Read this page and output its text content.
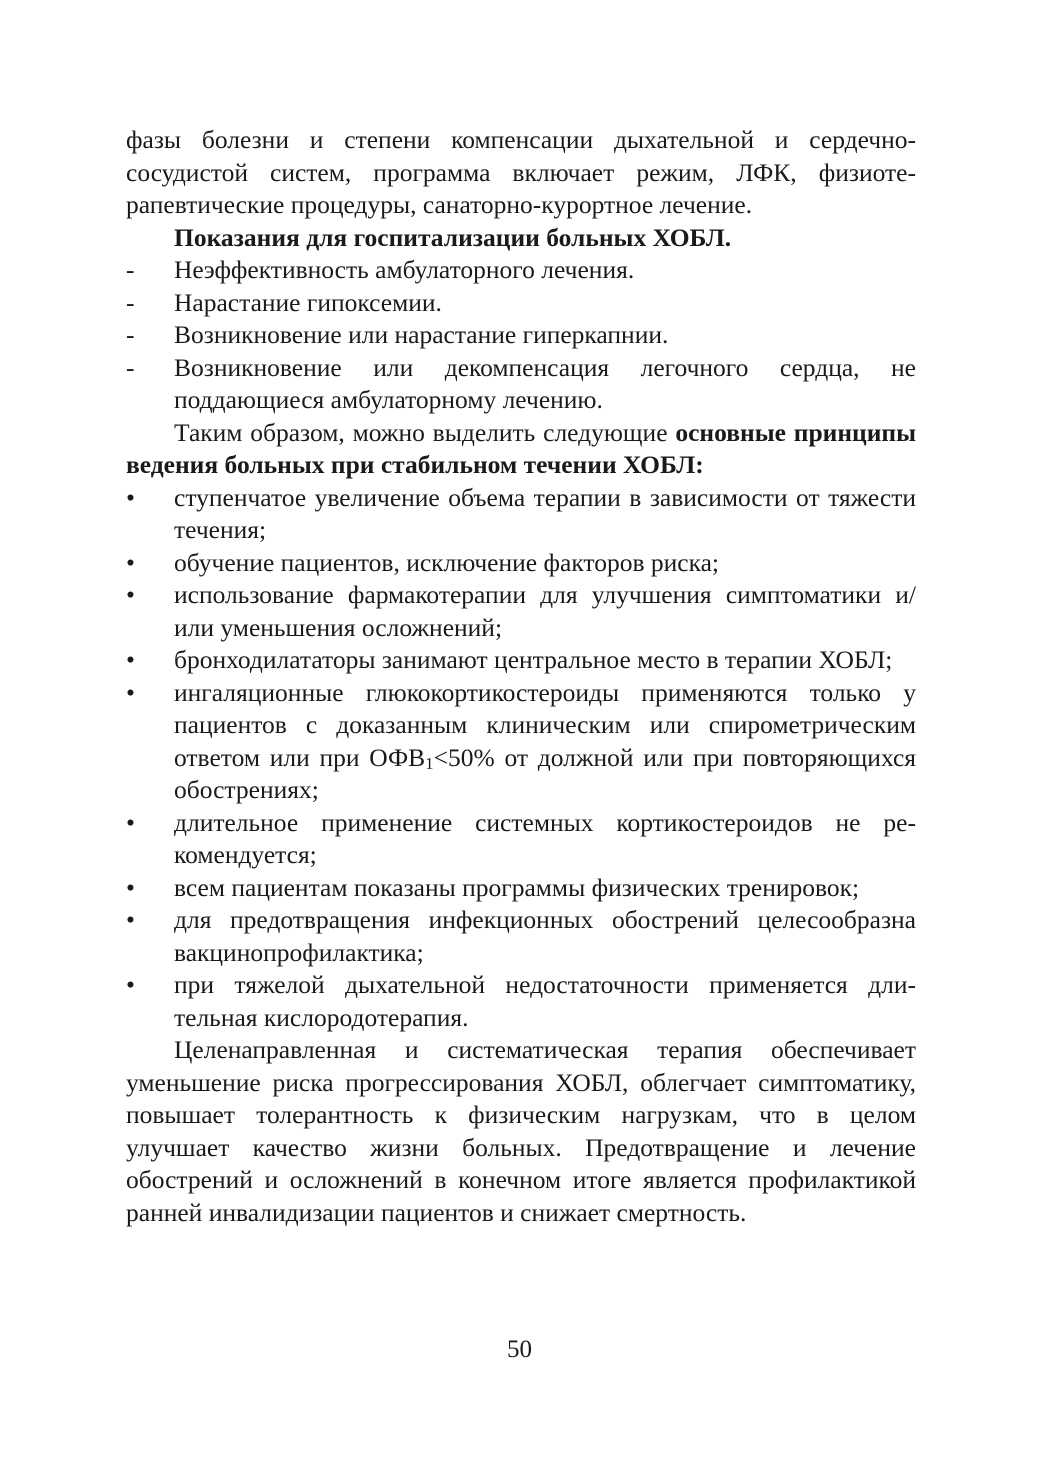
фазы болезни и степени компенсации дыхательной и сердечно-сосудистой систем, программа включает режим, ЛФК, физиотерапевтические процедуры, санаторно-курортное лечение.

Показания для госпитализации больных ХОБЛ.

-	Неэффективность амбулаторного лечения.
-	Нарастание гипоксемии.
-	Возникновение или нарастание гиперкапнии.
-	Возникновение или декомпенсация легочного сердца, не поддающиеся амбулаторному лечению.

Таким образом, можно выделить следующие основные принципы ведения больных при стабильном течении ХОБЛ:

•	ступенчатое увеличение объема терапии в зависимости от тяжести течения;
•	обучение пациентов, исключение факторов риска;
•	использование фармакотерапии для улучшения симптоматики и/или уменьшения осложнений;
•	бронходилататоры занимают центральное место в терапии ХОБЛ;
•	ингаляционные глюкокортикостероиды применяются только у пациентов с доказанным клиническим или спирометрическим ответом или при $ОФВ_1<50\%$ от должной или при повторяющихся обострениях;
•	длительное применение системных кортикостероидов не рекомендуется;
•	всем пациентам показаны программы физических тренировок;
•	для предотвращения инфекционных обострений целесообразна вакцинопрофилактика;
•	при тяжелой дыхательной недостаточности применяется длительная кислородотерапия.

Целенаправленная и систематическая терапия обеспечивает уменьшение риска прогрессирования ХОБЛ, облегчает симптоматику, повышает толерантность к физическим нагрузкам, что в целом улучшает качество жизни больных. Предотвращение и лечение обострений и осложнений в конечном итоге является профилактикой ранней инвалидизации пациентов и снижает смертность.

50
